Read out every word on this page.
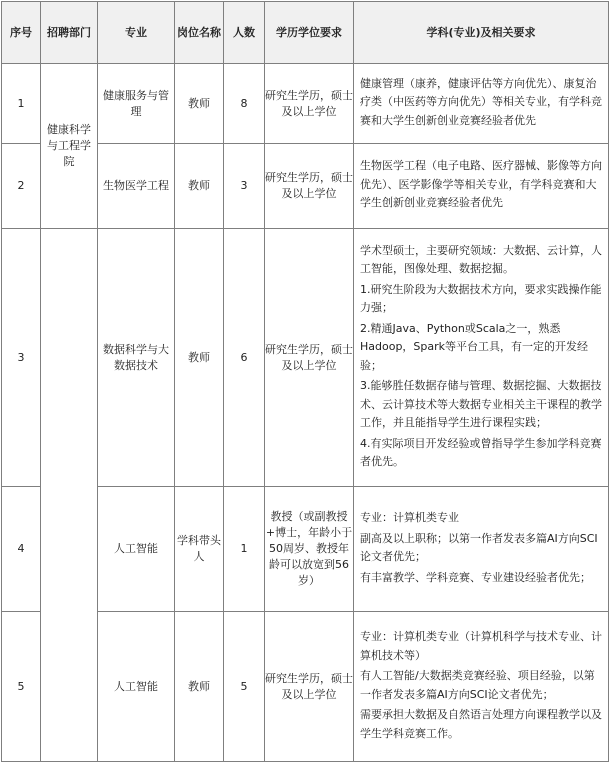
序号	招聘部门	专业	岗位名称	人数	学历学位要求	学科(专业)及相关要求
1	健康科学与工程学院	健康服务与管理	教师	8	研究生学历，硕士及以上学位	健康管理（康养，健康评估等方向优先）、康复治疗类（中医药等方向优先）等相关专业，有学科竞赛和大学生创新创业竞赛经验者优先

2		生物医学工程	教师	3	研究生学历，硕士及以上学位	生物医学工程（电子电路、医疗器械、影像等方向优先）、医学影像学等相关专业，有学科竞赛和大学生创新创业竞赛经验者优先

3		数据科学与大数据技术	教师	6	研究生学历，硕士及以上学位	学术型硕士，主要研究领域：大数据、云计算，人工智能，图像处理、数据挖掘。
1.研究生阶段为大数据技术方向，要求实践操作能力强；
2.精通Java、Python或Scala之一，熟悉Hadoop，Spark等平台工具，有一定的开发经验；
3.能够胜任数据存储与管理、数据挖掘、大数据技术、云计算技术等大数据专业相关主干课程的教学工作，并且能指导学生进行课程实践；
4.有实际项目开发经验或曾指导学生参加学科竞赛者优先。

4		人工智能	学科带头人	1	教授（或副教授+博士，年龄小于50周岁、教授年龄可以放宽到56岁）	专业：计算机类专业
副高及以上职称；以第一作者发表多篇AI方向SCI论文者优先；
有丰富教学、学科竞赛、专业建设经验者优先；

5		人工智能	教师	5	研究生学历，硕士及以上学位	专业：计算机类专业（计算机科学与技术专业、计算机技术等）
有人工智能/大数据类竞赛经验、项目经验，以第一作者发表多篇AI方向SCI论文者优先；
需要承担大数据及自然语言处理方向课程教学以及学生学科竞赛工作。
